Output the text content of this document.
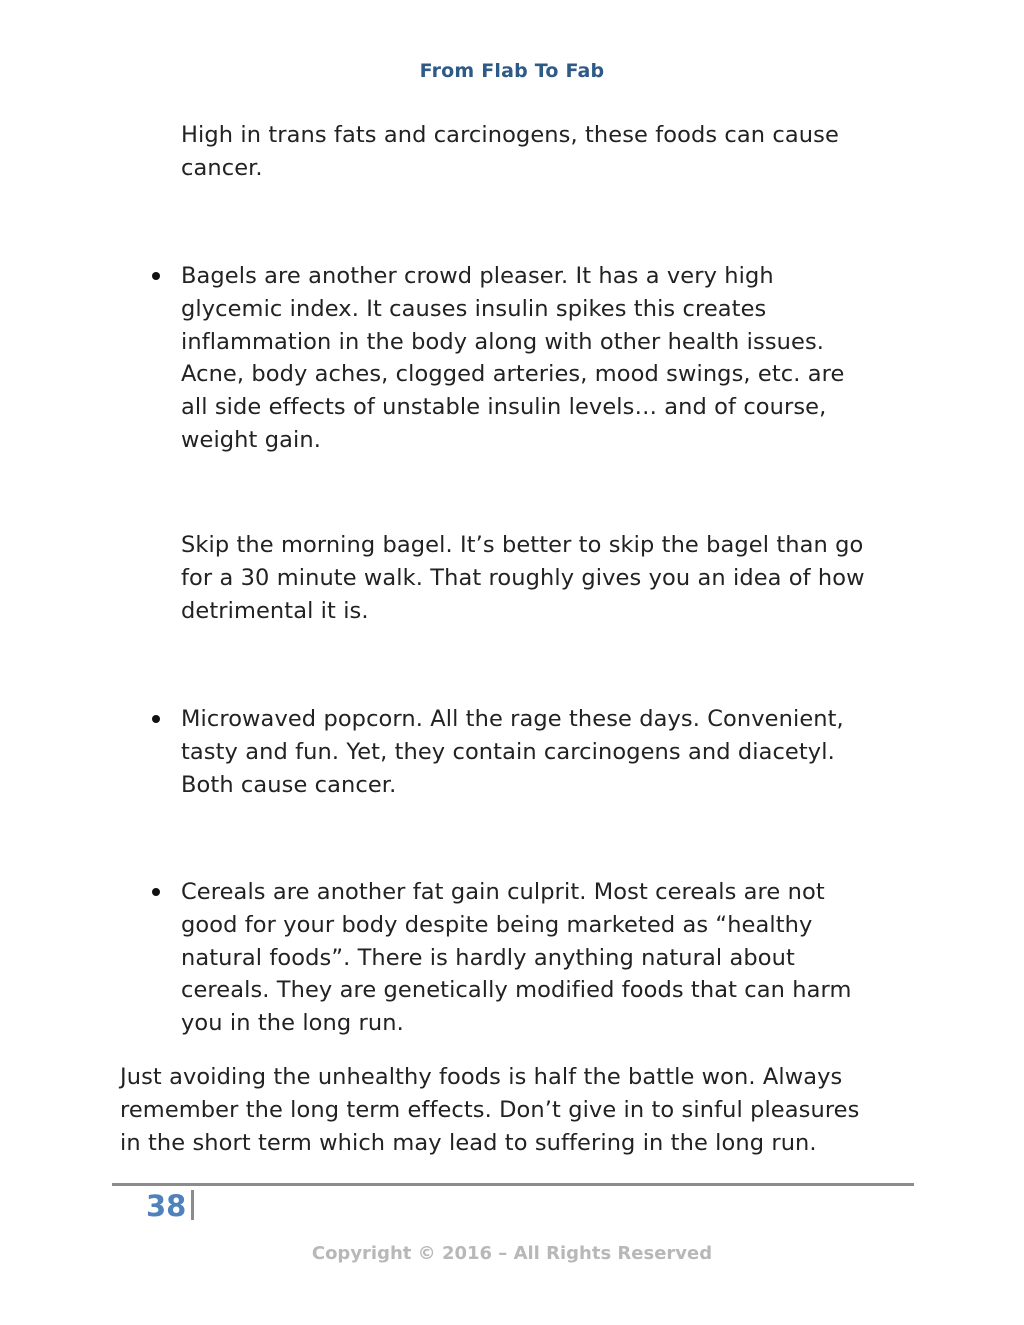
From Flab To Fab
High in trans fats and carcinogens, these foods can cause
cancer.
Bagels are another crowd pleaser. It has a very high
glycemic index. It causes insulin spikes this creates
inflammation in the body along with other health issues.
Acne, body aches, clogged arteries, mood swings, etc. are
all side effects of unstable insulin levels… and of course,
weight gain.
Skip the morning bagel. It’s better to skip the bagel than go
for a 30 minute walk. That roughly gives you an idea of how
detrimental it is.
Microwaved popcorn. All the rage these days. Convenient,
tasty and fun. Yet, they contain carcinogens and diacetyl.
Both cause cancer.
Cereals are another fat gain culprit. Most cereals are not
good for your body despite being marketed as “healthy
natural foods”. There is hardly anything natural about
cereals. They are genetically modified foods that can harm
you in the long run.
Just avoiding the unhealthy foods is half the battle won. Always
remember the long term effects. Don’t give in to sinful pleasures
in the short term which may lead to suffering in the long run.
38
Copyright © 2016 – All Rights Reserved
